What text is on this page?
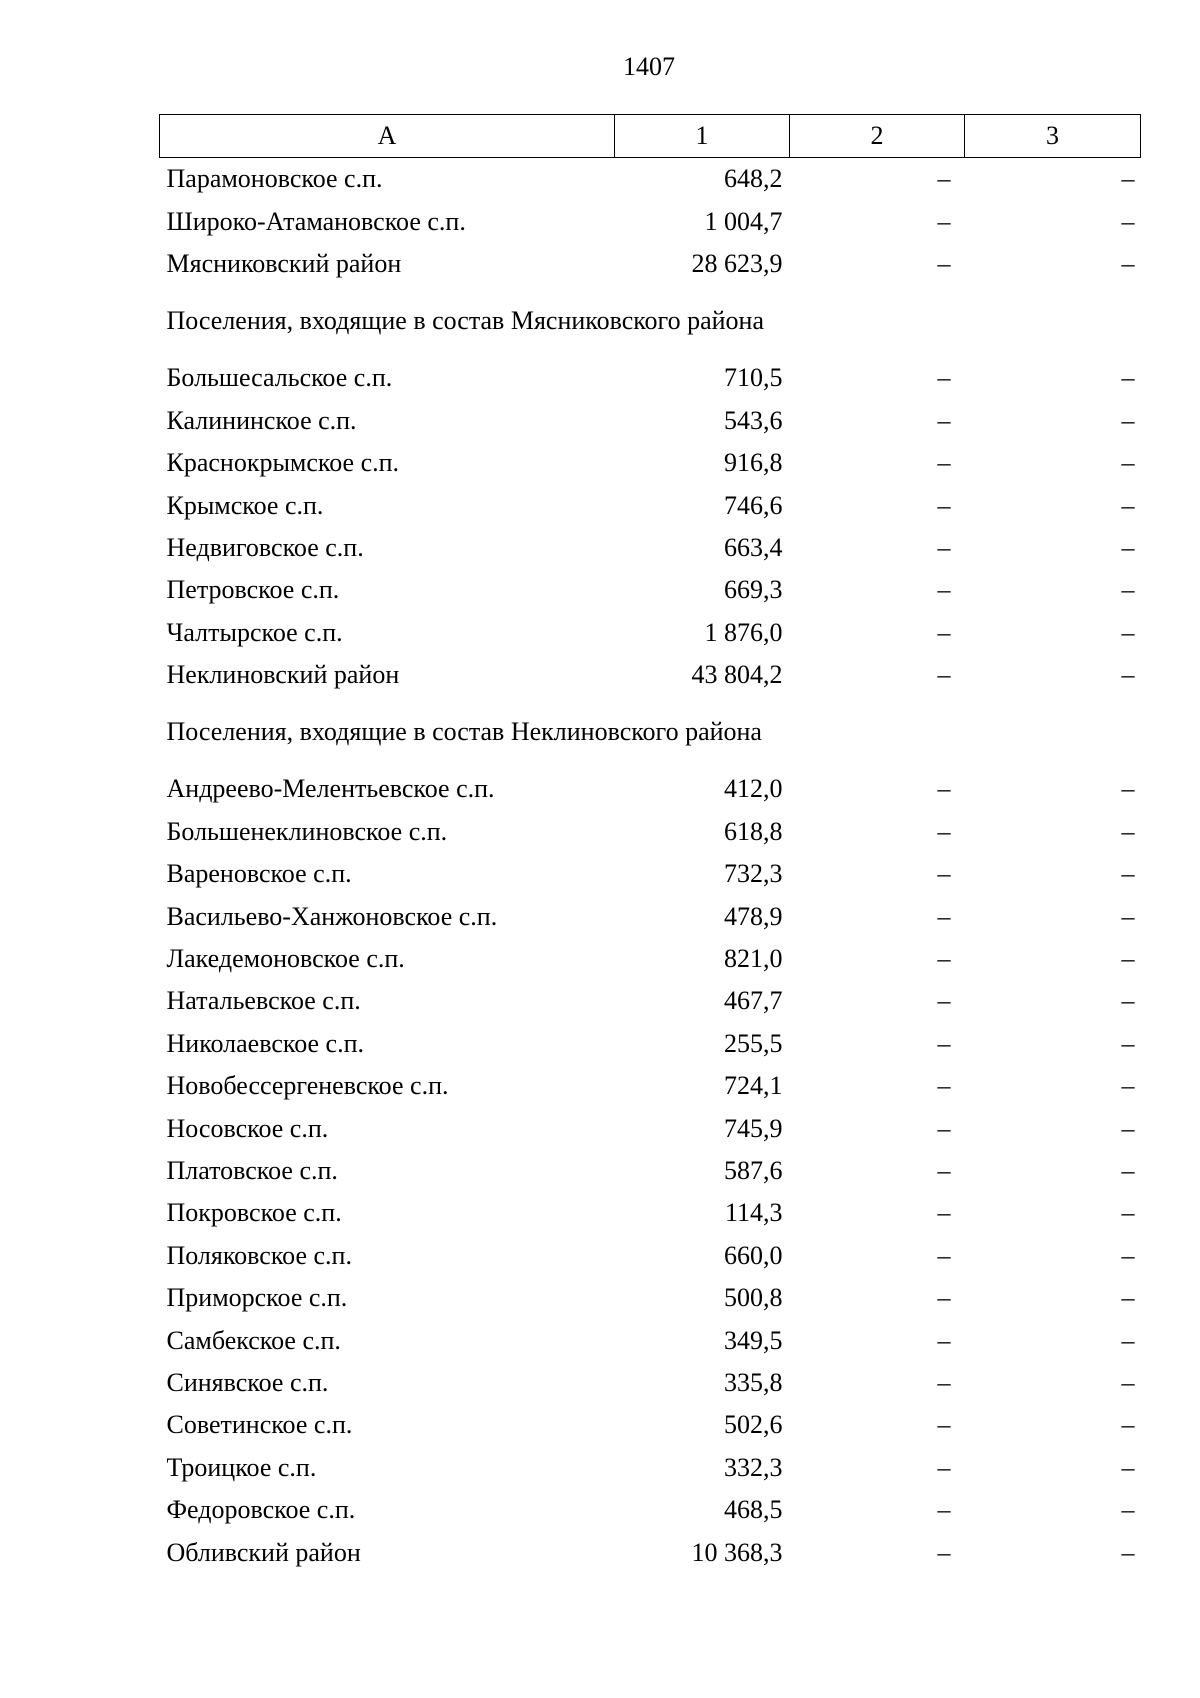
1407
А	1	2	3
Парамоновское с.п.	648,2	–	–
Широко-Атамановское с.п.	1 004,7	–	–
Мясниковский район	28 623,9	–	–
Поселения, входящие в состав Мясниковского района			
Большесальское с.п.	710,5	–	–
Калининское с.п.	543,6	–	–
Краснокрымское с.п.	916,8	–	–
Крымское с.п.	746,6	–	–
Недвиговское с.п.	663,4	–	–
Петровское с.п.	669,3	–	–
Чалтырское с.п.	1 876,0	–	–
Неклиновский район	43 804,2	–	–
Поселения, входящие в состав Неклиновского района			
Андреево-Мелентьевское с.п.	412,0	–	–
Большенеклиновское с.п.	618,8	–	–
Вареновское с.п.	732,3	–	–
Васильево-Ханжоновское с.п.	478,9	–	–
Лакедемоновское с.п.	821,0	–	–
Натальевское с.п.	467,7	–	–
Николаевское с.п.	255,5	–	–
Новобессергеневское с.п.	724,1	–	–
Носовское с.п.	745,9	–	–
Платовское с.п.	587,6	–	–
Покровское с.п.	114,3	–	–
Поляковское с.п.	660,0	–	–
Приморское с.п.	500,8	–	–
Самбекское с.п.	349,5	–	–
Синявское с.п.	335,8	–	–
Советинское с.п.	502,6	–	–
Троицкое с.п.	332,3	–	–
Федоровское с.п.	468,5	–	–
Обливский район	10 368,3	–	–
